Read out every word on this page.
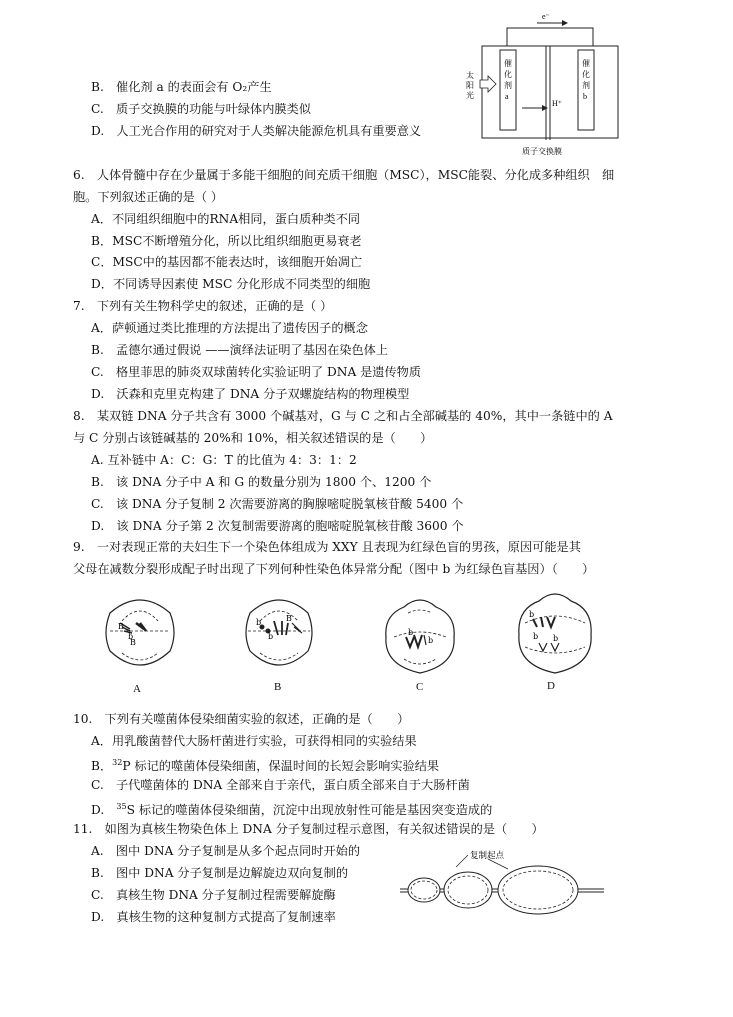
B.　催化剂 a 的表面会有 O₂产生
C.　质子交换膜的功能与叶绿体内膜类似
D.　人工光合作用的研究对于人类解决能源危机具有重要意义
e⁻
催化剂 a
催化剂 b
H⁺
太阳光
质子交换膜
6.　人体骨髓中存在少量属于多能干细胞的间充质干细胞（MSC），MSC能裂、分化成多种组织　细
胞。下列叙述正确的是（ ）
A．不同组织细胞中的RNA相同，蛋白质种类不同
B．MSC不断增殖分化，所以比组织细胞更易衰老
C．MSC中的基因都不能表达时，该细胞开始凋亡
D．不同诱导因素使 MSC 分化形成不同类型的细胞
7.　下列有关生物科学史的叙述，正确的是（ ）
A．萨顿通过类比推理的方法提出了遗传因子的概念
B.　孟德尔通过假说 ——演绎法证明了基因在染色体上
C.　格里菲思的肺炎双球菌转化实验证明了 DNA 是遗传物质
D.　沃森和克里克构建了 DNA 分子双螺旋结构的物理模型
8.　某双链 DNA 分子共含有 3000 个碱基对，G 与 C 之和占全部碱基的 40%，其中一条链中的 A
与 C 分别占该链碱基的 20%和 10%，相关叙述错误的是（　　）
A. 互补链中 A：C：G：T 的比值为 4：3：1：2
B.　该 DNA 分子中 A 和 G 的数量分别为 1800 个、1200 个
C.　该 DNA 分子复制 2 次需要游离的胸腺嘧啶脱氧核苷酸 5400 个
D.　该 DNA 分子第 2 次复制需要游离的胞嘧啶脱氧核苷酸 3600 个
9.　一对表现正常的夫妇生下一个染色体组成为 XXY 且表现为红绿色盲的男孩，原因可能是其
父母在减数分裂形成配子时出现了下列何种性染色体异常分配（图中 b 为红绿色盲基因）（　　）
B
b
B
b
b
B
b
b
b
b b
A	B	C	D
10.　下列有关噬菌体侵染细菌实验的叙述，正确的是（　　）
A．用乳酸菌替代大肠杆菌进行实验，可获得相同的实验结果
B．$^{32}$P 标记的噬菌体侵染细菌，保温时间的长短会影响实验结果
C.　子代噬菌体的 DNA 全部来自于亲代，蛋白质全部来自于大肠杆菌
D.　$^{35}$S 标记的噬菌体侵染细菌，沉淀中出现放射性可能是基因突变造成的
11.　如图为真核生物染色体上 DNA 分子复制过程示意图，有关叙述错误的是（　　）
A.　图中 DNA 分子复制是从多个起点同时开始的
B.　图中 DNA 分子复制是边解旋边双向复制的
C.　真核生物 DNA 分子复制过程需要解旋酶
D.　真核生物的这种复制方式提高了复制速率
复制起点
